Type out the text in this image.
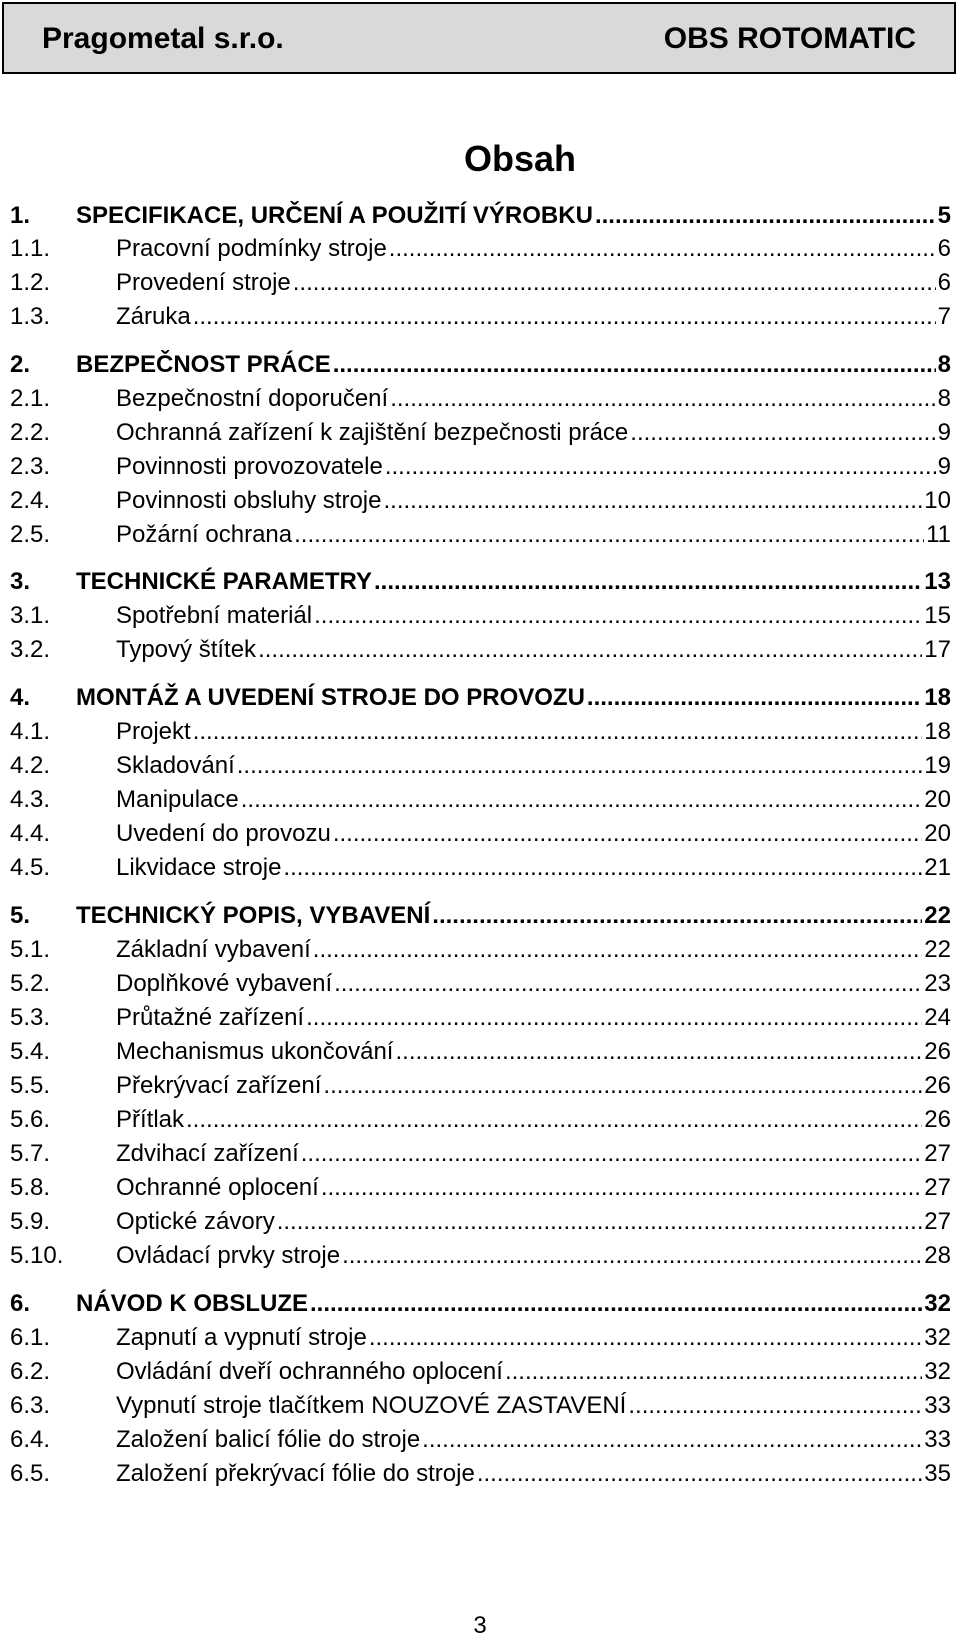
Pragometal s.r.o.	OBS ROTOMATIC
Obsah
1.	SPECIFIKACE, URČENÍ A POUŽITÍ VÝROBKU .....	5
1.1.	Pracovní podmínky stroje .....	6
1.2.	Provedení stroje .....	6
1.3.	Záruka .....	7
2.	BEZPEČNOST PRÁCE .....	8
2.1.	Bezpečnostní doporučení .....	8
2.2.	Ochranná zařízení k zajištění bezpečnosti práce .....	9
2.3.	Povinnosti provozovatele .....	9
2.4.	Povinnosti obsluhy stroje .....	10
2.5.	Požární ochrana .....	11
3.	TECHNICKÉ PARAMETRY .....	13
3.1.	Spotřební materiál .....	15
3.2.	Typový štítek .....	17
4.	MONTÁŽ A UVEDENÍ STROJE DO PROVOZU .....	18
4.1.	Projekt .....	18
4.2.	Skladování .....	19
4.3.	Manipulace .....	20
4.4.	Uvedení do provozu .....	20
4.5.	Likvidace stroje .....	21
5.	TECHNICKÝ POPIS, VYBAVENÍ .....	22
5.1.	Základní vybavení .....	22
5.2.	Doplňkové vybavení .....	23
5.3.	Průtažné zařízení .....	24
5.4.	Mechanismus ukončování .....	26
5.5.	Překrývací zařízení .....	26
5.6.	Přítlak .....	26
5.7.	Zdvihací zařízení .....	27
5.8.	Ochranné oplocení .....	27
5.9.	Optické závory .....	27
5.10.	Ovládací prvky stroje .....	28
6.	NÁVOD K OBSLUZE .....	32
6.1.	Zapnutí a vypnutí stroje .....	32
6.2.	Ovládání dveří ochranného oplocení .....	32
6.3.	Vypnutí stroje tlačítkem NOUZOVÉ ZASTAVENÍ .....	33
6.4.	Založení balicí fólie do stroje .....	33
6.5.	Založení překrývací fólie do stroje .....	35
3
